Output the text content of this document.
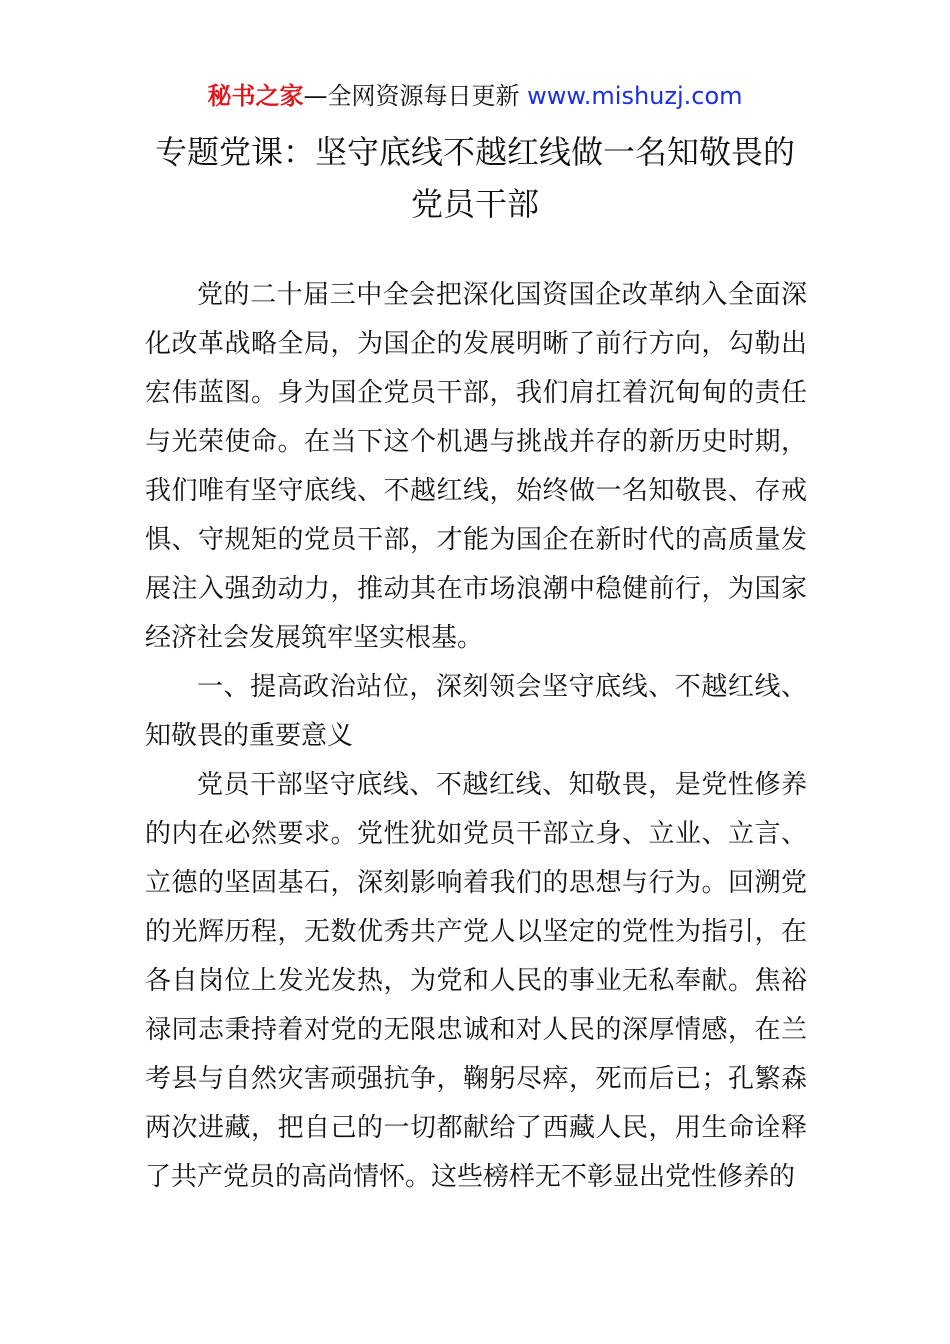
秘书之家—全网资源每日更新 www.mishuzj.com
专题党课：坚守底线不越红线做一名知敬畏的
党员干部

党的二十届三中全会把深化国资国企改革纳入全面深化改革战略全局，为国企的发展明晰了前行方向，勾勒出宏伟蓝图。身为国企党员干部，我们肩扛着沉甸甸的责任与光荣使命。在当下这个机遇与挑战并存的新历史时期，我们唯有坚守底线、不越红线，始终做一名知敬畏、存戒惧、守规矩的党员干部，才能为国企在新时代的高质量发展注入强劲动力，推动其在市场浪潮中稳健前行，为国家经济社会发展筑牢坚实根基。

一、提高政治站位，深刻领会坚守底线、不越红线、知敬畏的重要意义

党员干部坚守底线、不越红线、知敬畏，是党性修养的内在必然要求。党性犹如党员干部立身、立业、立言、立德的坚固基石，深刻影响着我们的思想与行为。回溯党的光辉历程，无数优秀共产党人以坚定的党性为指引，在各自岗位上发光发热，为党和人民的事业无私奉献。焦裕禄同志秉持着对党的无限忠诚和对人民的深厚情感，在兰考县与自然灾害顽强抗争，鞠躬尽瘁，死而后已；孔繁森两次进藏，把自己的一切都献给了西藏人民，用生命诠释了共产党员的高尚情怀。这些榜样无不彰显出党性修养的
